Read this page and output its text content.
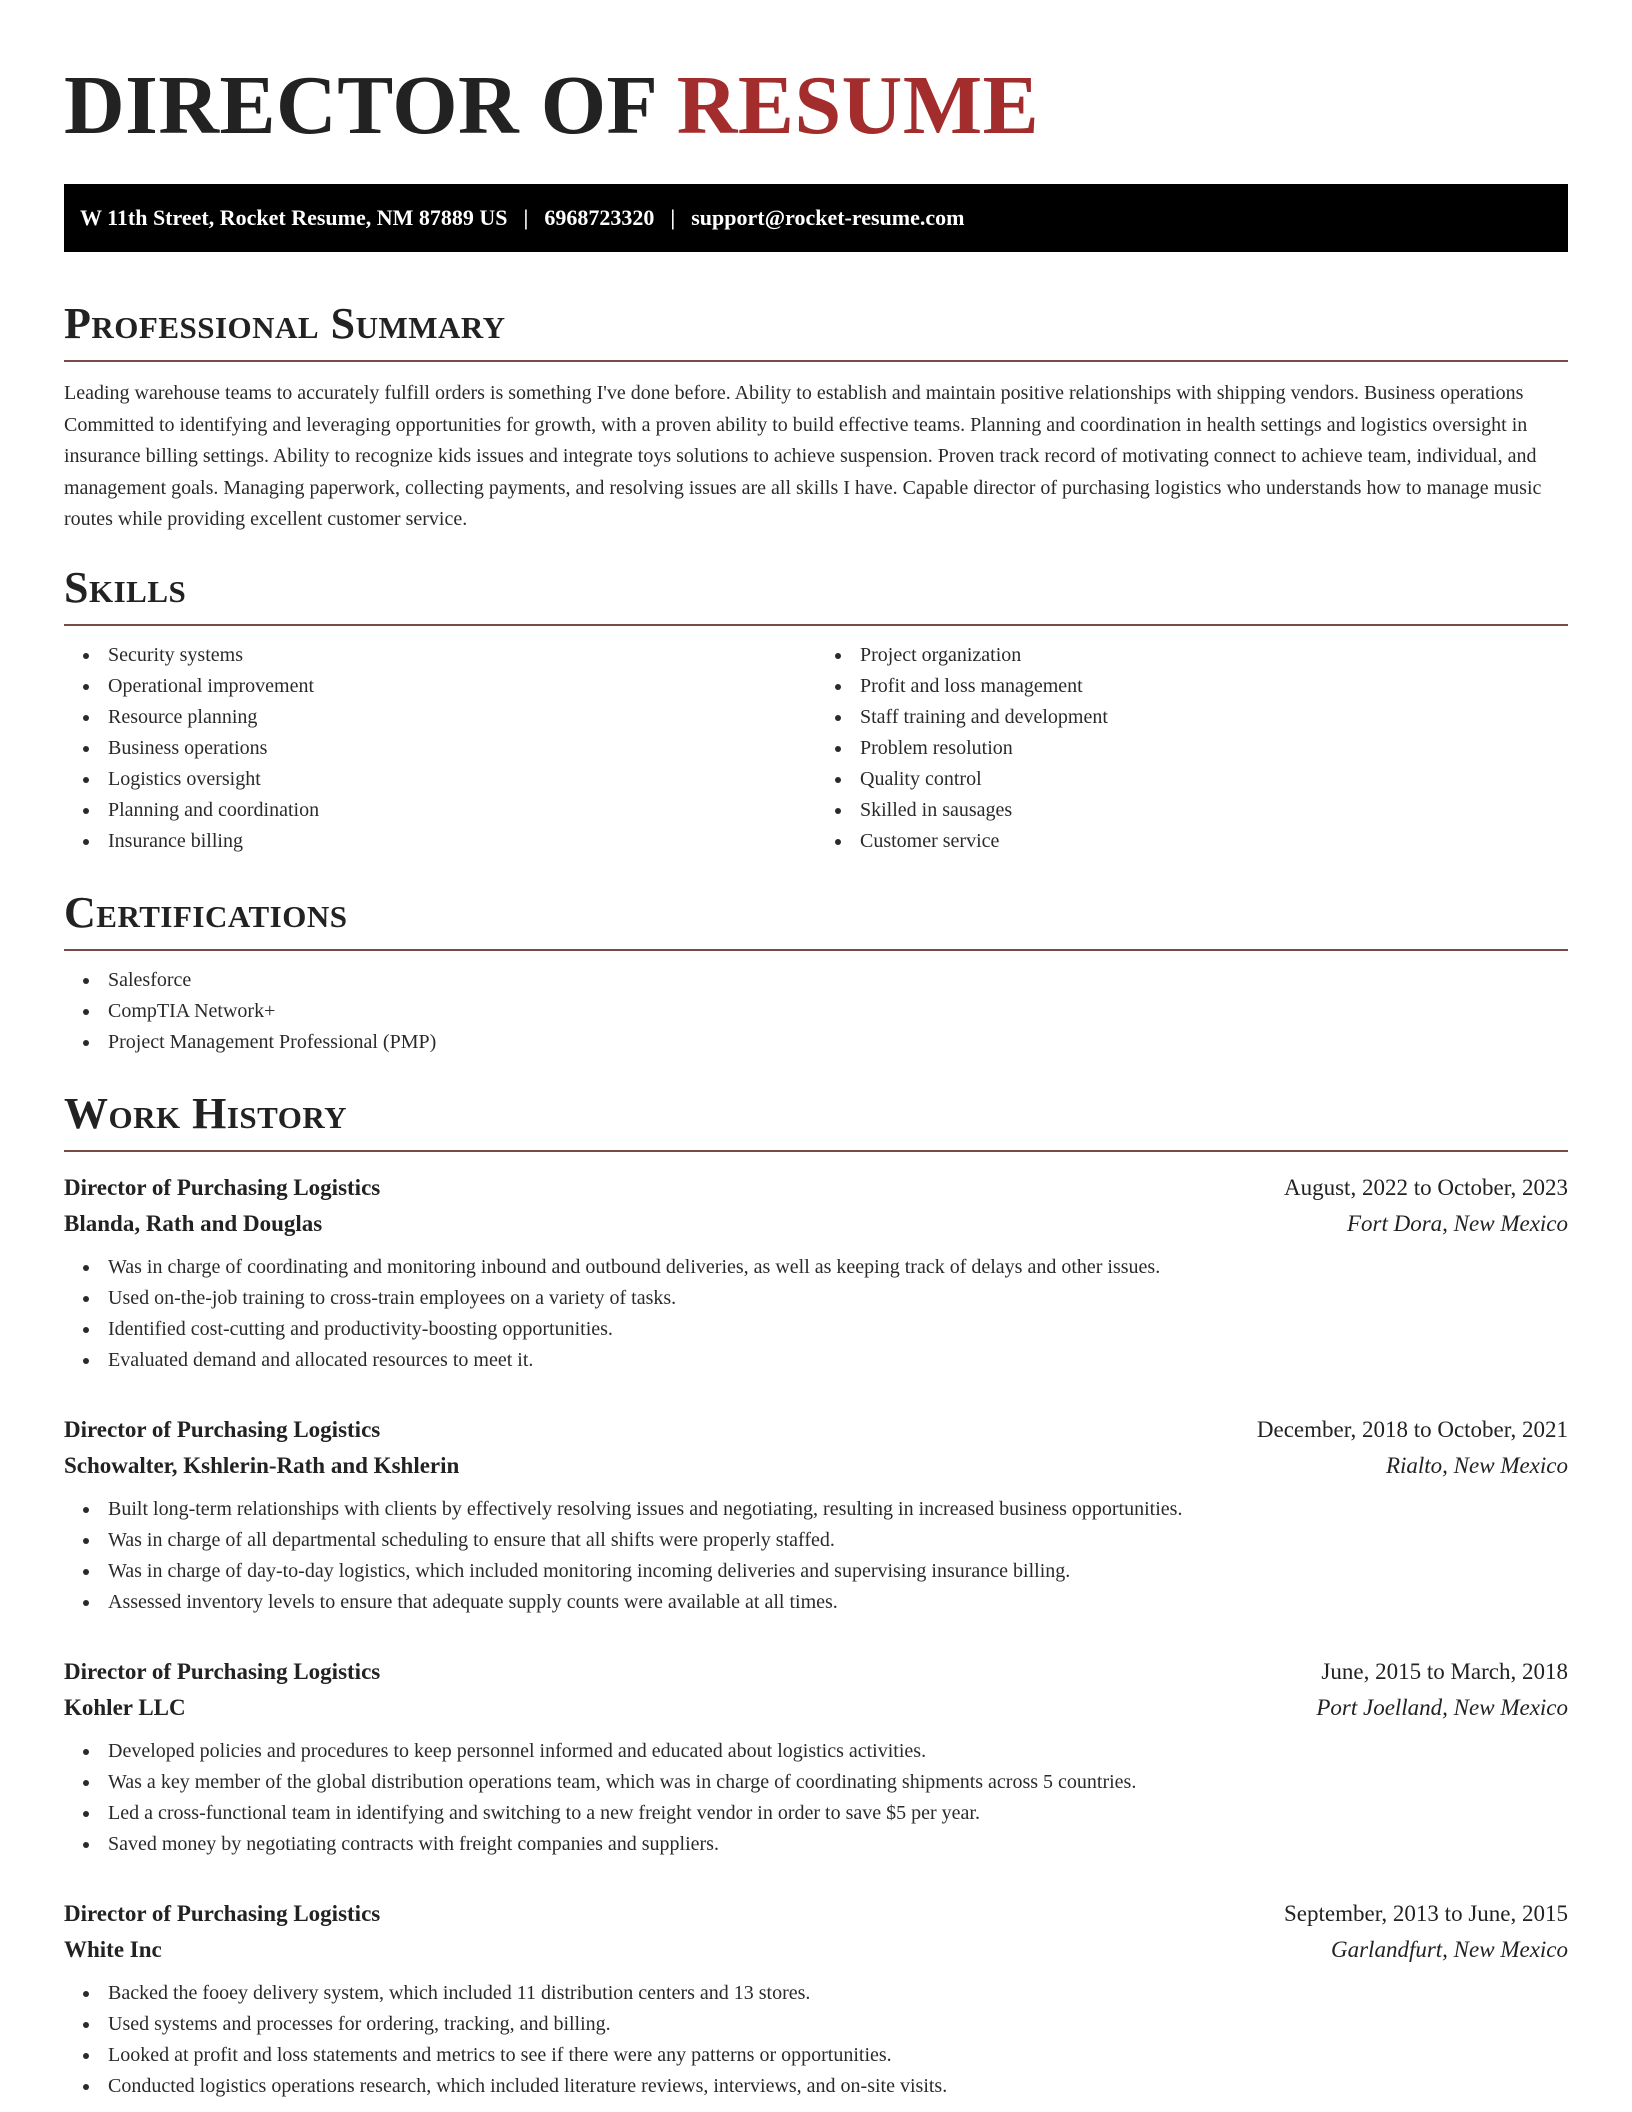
DIRECTOR OF RESUME
W 11th Street, Rocket Resume, NM 87889 US | 6968723320 | support@rocket-resume.com
Professional Summary

Leading warehouse teams to accurately fulfill orders is something I've done before. Ability to establish and maintain positive relationships with shipping vendors. Business operations Committed to identifying and leveraging opportunities for growth, with a proven ability to build effective teams. Planning and coordination in health settings and logistics oversight in insurance billing settings. Ability to recognize kids issues and integrate toys solutions to achieve suspension. Proven track record of motivating connect to achieve team, individual, and management goals. Managing paperwork, collecting payments, and resolving issues are all skills I have. Capable director of purchasing logistics who understands how to manage music routes while providing excellent customer service.

Skills
Security systems
Operational improvement
Resource planning
Business operations
Logistics oversight
Planning and coordination
Insurance billing
Project organization
Profit and loss management
Staff training and development
Problem resolution
Quality control
Skilled in sausages
Customer service
Certifications
Salesforce
CompTIA Network+
Project Management Professional (PMP)
Work History
Director of Purchasing Logistics	August, 2022 to October, 2023
Blanda, Rath and Douglas	Fort Dora, New Mexico
Was in charge of coordinating and monitoring inbound and outbound deliveries, as well as keeping track of delays and other issues.
Used on-the-job training to cross-train employees on a variety of tasks.
Identified cost-cutting and productivity-boosting opportunities.
Evaluated demand and allocated resources to meet it.
Director of Purchasing Logistics	December, 2018 to October, 2021
Schowalter, Kshlerin-Rath and Kshlerin	Rialto, New Mexico
Built long-term relationships with clients by effectively resolving issues and negotiating, resulting in increased business opportunities.
Was in charge of all departmental scheduling to ensure that all shifts were properly staffed.
Was in charge of day-to-day logistics, which included monitoring incoming deliveries and supervising insurance billing.
Assessed inventory levels to ensure that adequate supply counts were available at all times.
Director of Purchasing Logistics	June, 2015 to March, 2018
Kohler LLC	Port Joelland, New Mexico
Developed policies and procedures to keep personnel informed and educated about logistics activities.
Was a key member of the global distribution operations team, which was in charge of coordinating shipments across 5 countries.
Led a cross-functional team in identifying and switching to a new freight vendor in order to save $5 per year.
Saved money by negotiating contracts with freight companies and suppliers.
Director of Purchasing Logistics	September, 2013 to June, 2015
White Inc	Garlandfurt, New Mexico
Backed the fooey delivery system, which included 11 distribution centers and 13 stores.
Used systems and processes for ordering, tracking, and billing.
Looked at profit and loss statements and metrics to see if there were any patterns or opportunities.
Conducted logistics operations research, which included literature reviews, interviews, and on-site visits.
